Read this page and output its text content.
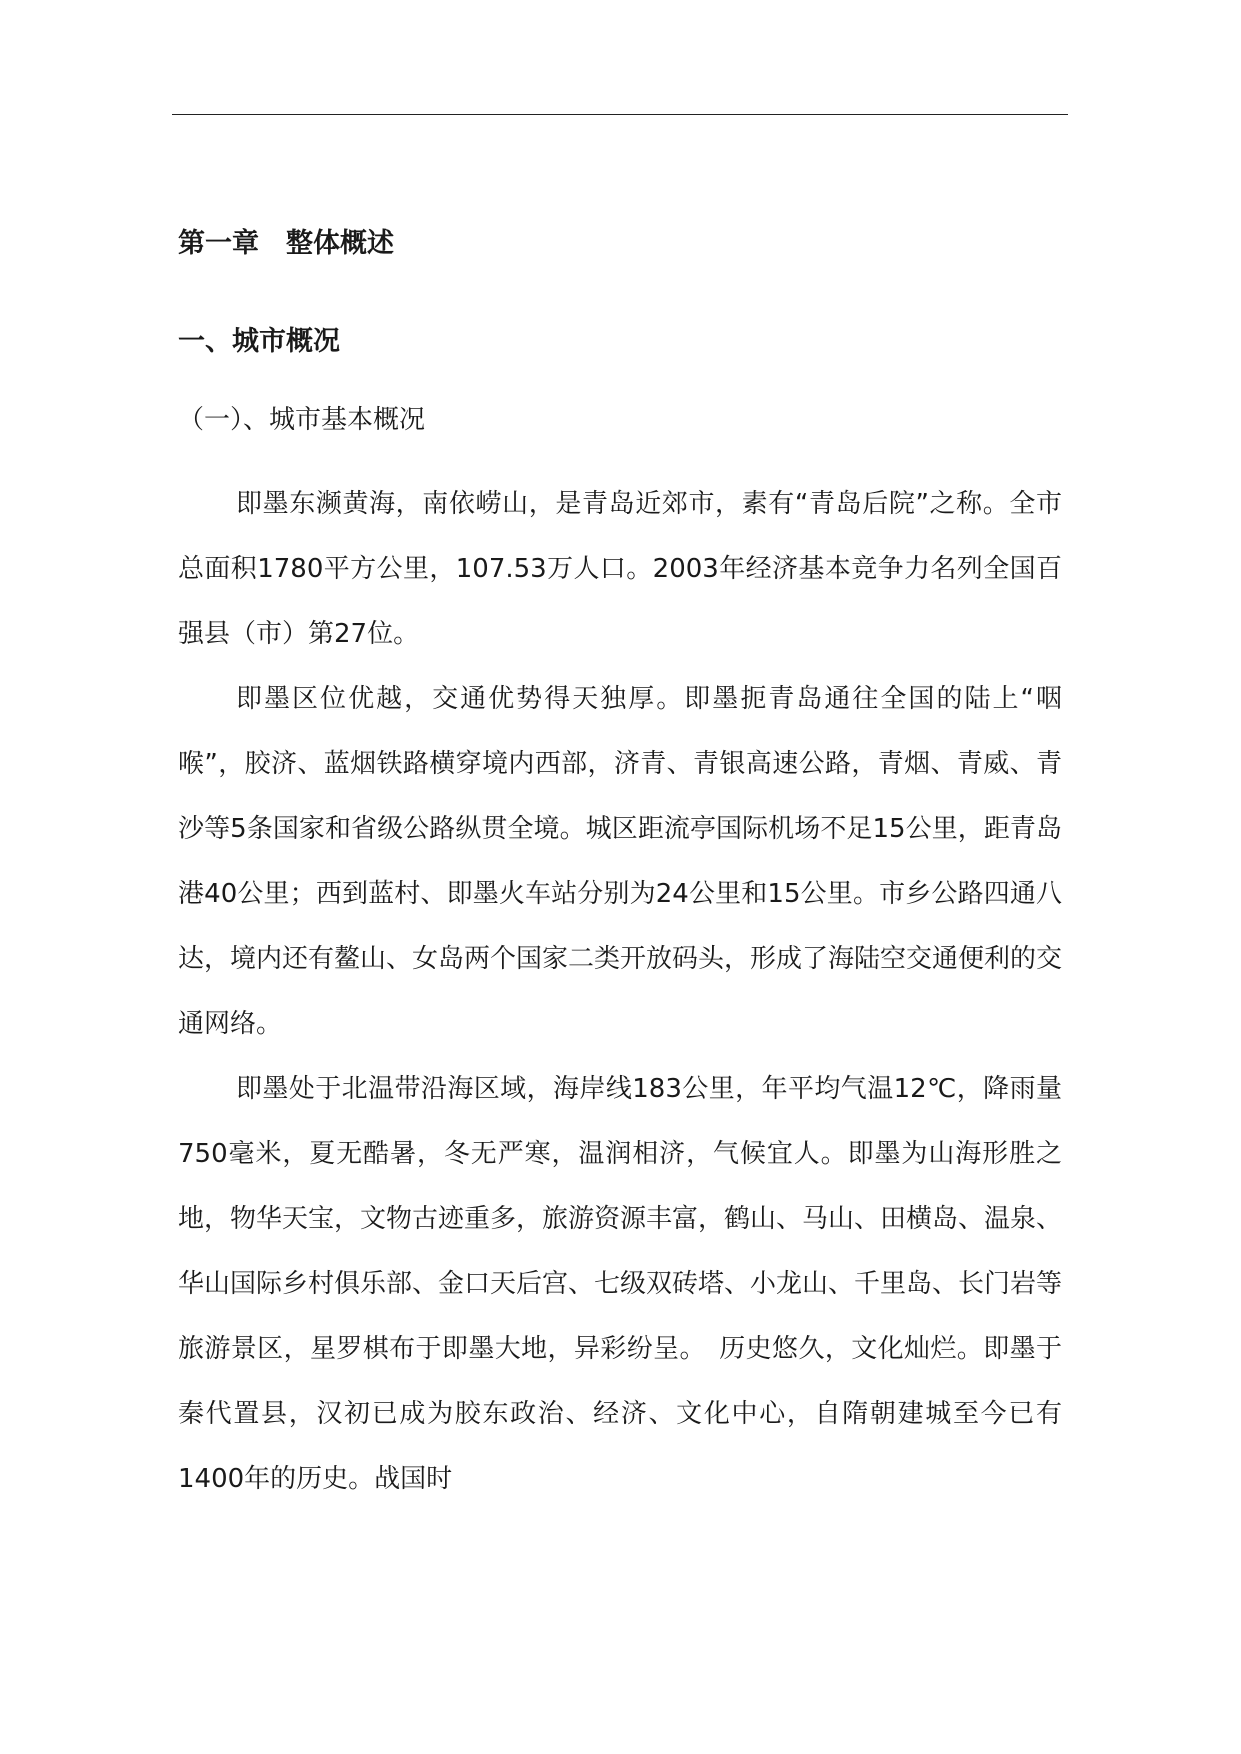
第一章　整体概述
一、城市概况
（一）、城市基本概况

即墨东濒黄海，南依崂山，是青岛近郊市，素有“青岛后院”之称。全市总面积1780平方公里，107.53万人口。2003年经济基本竞争力名列全国百强县（市）第27位。

即墨区位优越，交通优势得天独厚。即墨扼青岛通往全国的陆上“咽喉”，胶济、蓝烟铁路横穿境内西部，济青、青银高速公路，青烟、青威、青沙等5条国家和省级公路纵贯全境。城区距流亭国际机场不足15公里，距青岛港40公里；西到蓝村、即墨火车站分别为24公里和15公里。市乡公路四通八达，境内还有鳌山、女岛两个国家二类开放码头，形成了海陆空交通便利的交通网络。

即墨处于北温带沿海区域，海岸线183公里，年平均气温12℃，降雨量750毫米，夏无酷暑，冬无严寒，温润相济，气候宜人。即墨为山海形胜之地，物华天宝，文物古迹重多，旅游资源丰富，鹤山、马山、田横岛、温泉、华山国际乡村俱乐部、金口天后宫、七级双砖塔、小龙山、千里岛、长门岩等旅游景区，星罗棋布于即墨大地，异彩纷呈。　历史悠久，文化灿烂。即墨于秦代置县，汉初已成为胶东政治、经济、文化中心，自隋朝建城至今已有1400年的历史。战国时
